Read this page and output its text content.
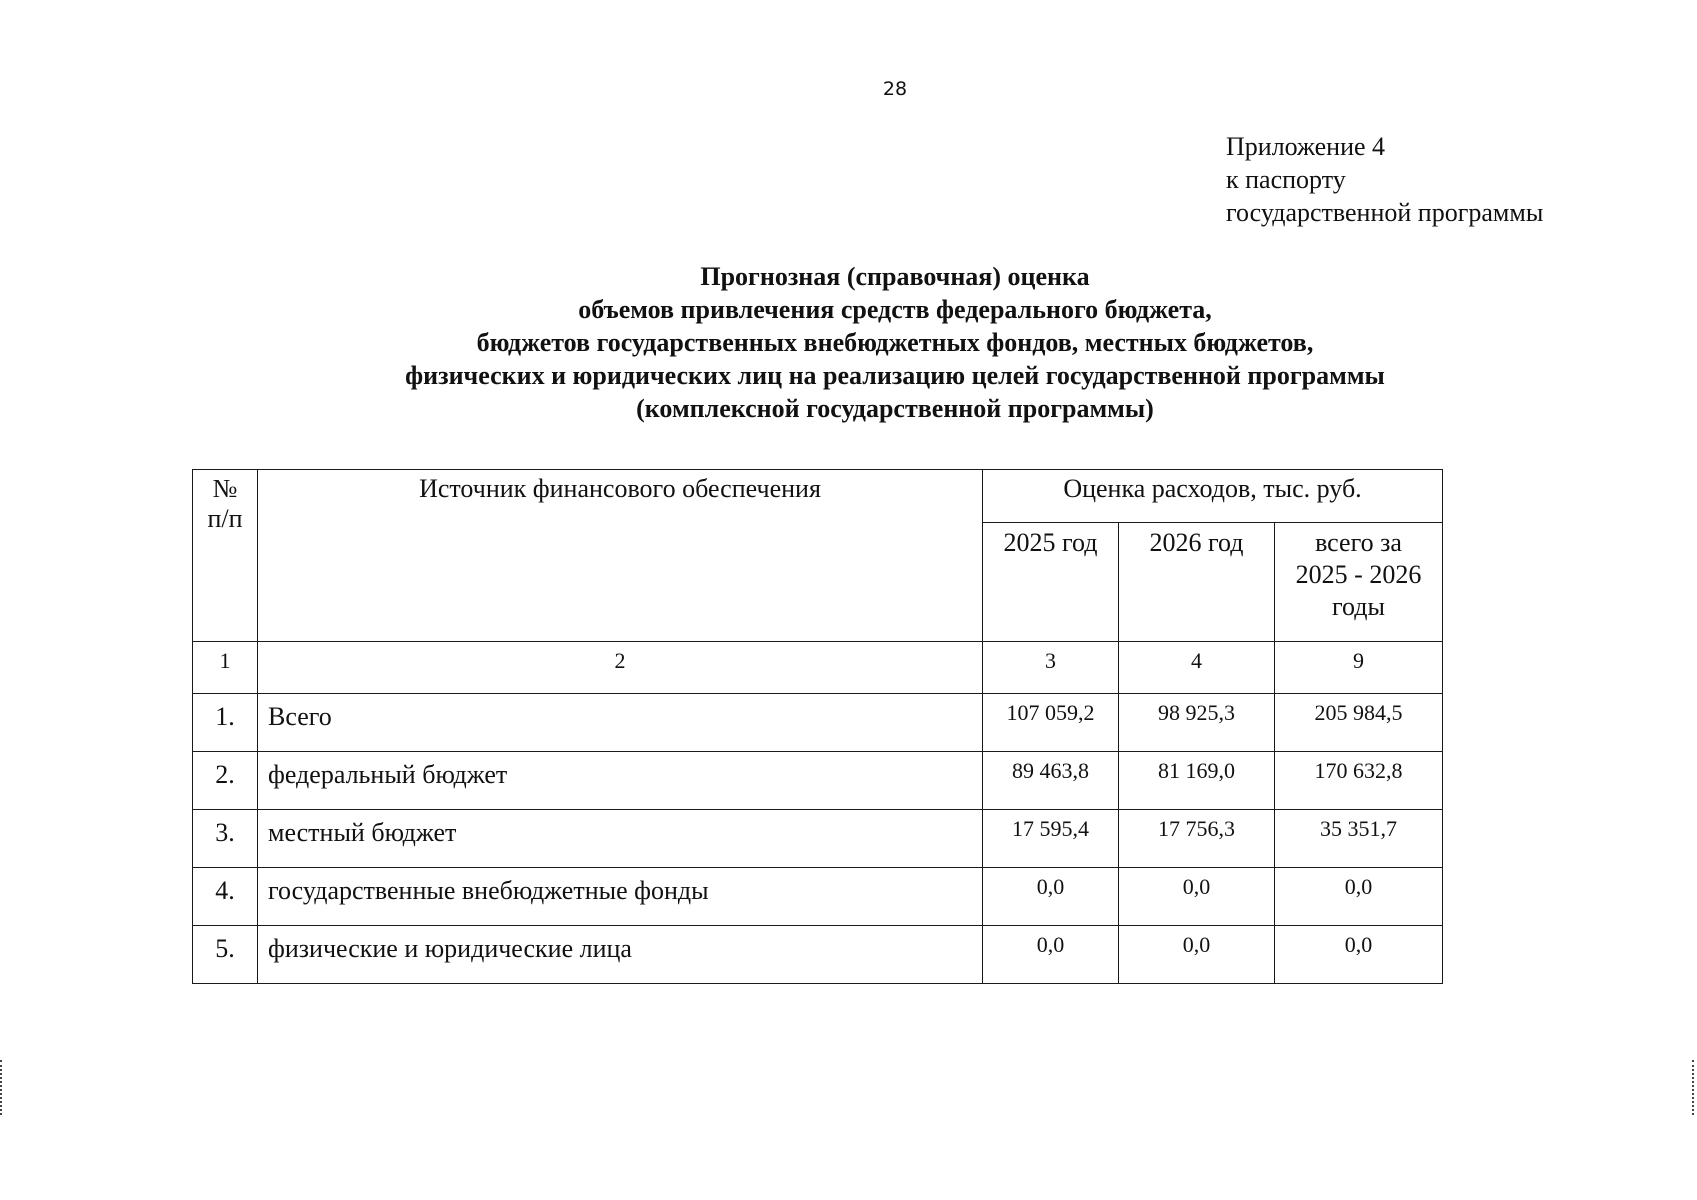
28
Приложение 4
к паспорту
государственной программы
Прогнозная (справочная) оценка
объемов привлечения средств федерального бюджета,
бюджетов государственных внебюджетных фондов, местных бюджетов,
физических и юридических лиц на реализацию целей государственной программы
(комплексной государственной программы)
№
п/п	Источник финансового обеспечения	Оценка расходов, тыс. руб.		
		2025 год	2026 год	всего за
2025 - 2026
годы

1	2	3	4	9
1.	Всего	107 059,2	98 925,3	205 984,5
2.	федеральный бюджет	89 463,8	81 169,0	170 632,8
3.	местный бюджет	17 595,4	17 756,3	35 351,7
4.	государственные внебюджетные фонды	0,0	0,0	0,0
5.	физические и юридические лица	0,0	0,0	0,0
